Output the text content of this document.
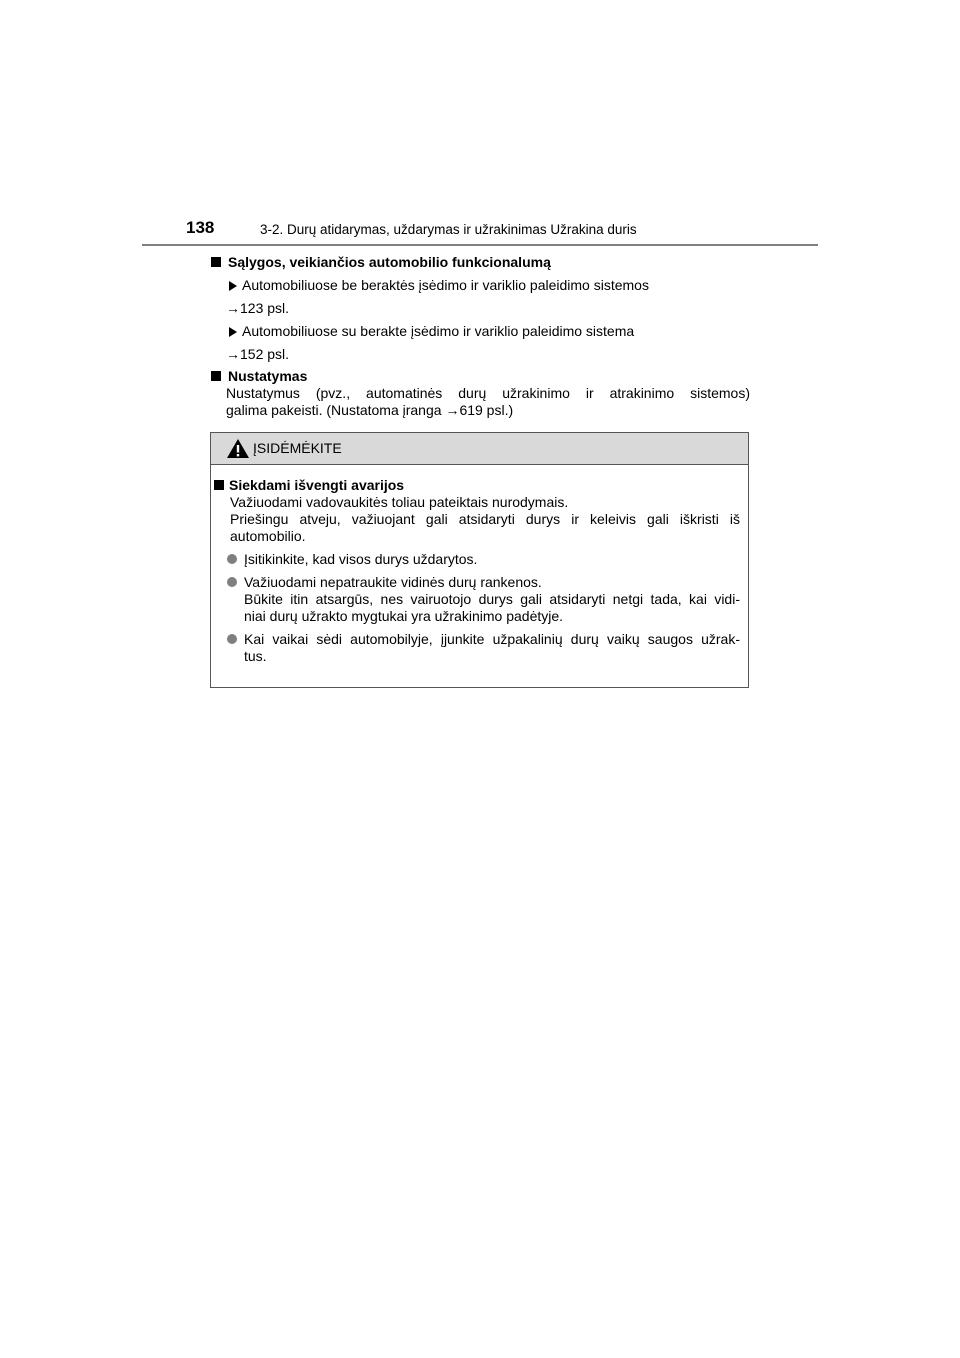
138	3-2. Durų atidarymas, uždarymas ir užrakinimas Užrakina duris

Sąlygos, veikiančios automobilio funkcionalumą

Automobiliuose be beraktės įsėdimo ir variklio paleidimo sistemos
→123 psl.
Automobiliuose su berakte įsėdimo ir variklio paleidimo sistema
→152 psl.

Nustatymas

Nustatymus (pvz., automatinės durų užrakinimo ir atrakinimo sistemos)
galima pakeisti. (Nustatoma įranga →619 psl.)
ĮSIDĖMĖKITE

Siekdami išvengti avarijos

Važiuodami vadovaukitės toliau pateiktais nurodymais.
Priešingu atveju, važiuojant gali atsidaryti durys ir keleivis gali iškristi iš
automobilio.
Įsitikinkite, kad visos durys uždarytos.
Važiuodami nepatraukite vidinės durų rankenos.
Būkite itin atsargūs, nes vairuotojo durys gali atsidaryti netgi tada, kai vidi-
niai durų užrakto mygtukai yra užrakinimo padėtyje.
Kai vaikai sėdi automobilyje, įjunkite užpakalinių durų vaikų saugos užrak-
tus.
